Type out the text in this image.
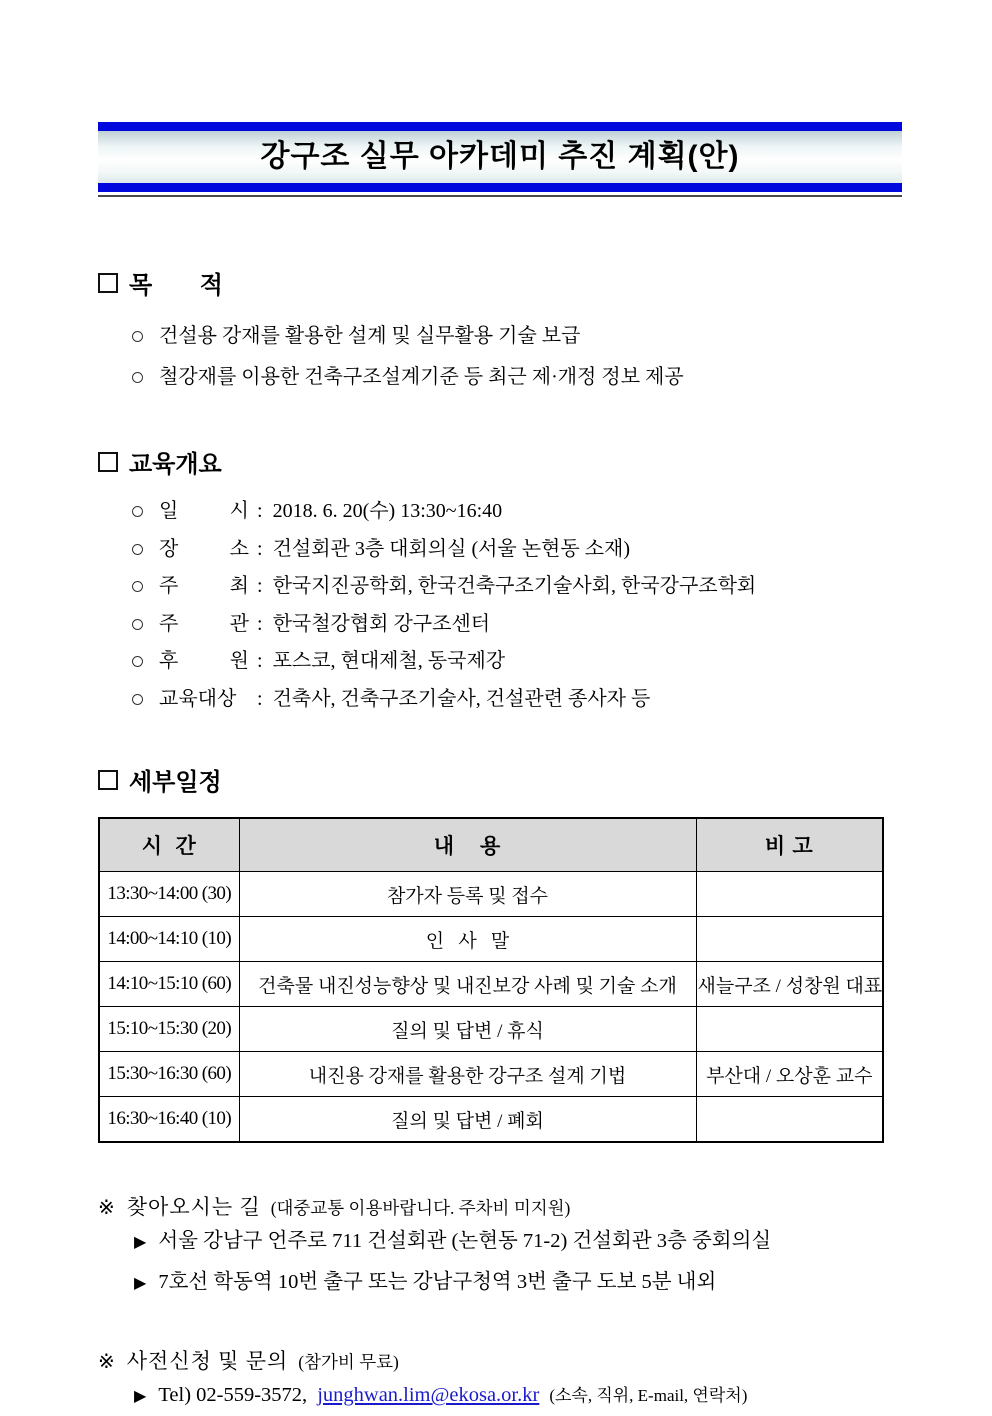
강구조 실무 아카데미 추진 계획(안)
목 적
건설용 강재를 활용한 설계 및 실무활용 기술 보급
철강재를 이용한 건축구조설계기준 등 최근 제·개정 정보 제공
교육개요
일 시 : 2018. 6. 20(수) 13:30~16:40
장 소 : 건설회관 3층 대회의실 (서울 논현동 소재)
주 최 : 한국지진공학회, 한국건축구조기술사회, 한국강구조학회
주 관 : 한국철강협회 강구조센터
후 원 : 포스코, 현대제철, 동국제강
교육대상	: 건축사, 건축구조기술사, 건설관련 종사자 등
세부일정
시  간	내    용	비 고
13:30~14:00 (30)	참가자 등록 및 접수	
14:00~14:10 (10)	인   사   말	
14:10~15:10 (60)	건축물 내진성능향상 및 내진보강 사례 및 기술 소개	새늘구조 / 성창원 대표
15:10~15:30 (20)	질의 및 답변 / 휴식	
15:30~16:30 (60)	내진용 강재를 활용한 강구조 설계 기법	부산대 / 오상훈 교수
16:30~16:40 (10)	질의 및 답변 / 폐회	
※ 찾아오시는 길 (대중교통 이용바랍니다. 주차비 미지원)
▶ 서울 강남구 언주로 711 건설회관 (논현동 71-2) 건설회관 3층 중회의실
▶ 7호선 학동역 10번 출구 또는 강남구청역 3번 출구 도보 5분 내외
※ 사전신청 및 문의 (참가비 무료)
▶ Tel) 02-559-3572, junghwan.lim@ekosa.or.kr (소속, 직위, E-mail, 연락처)
